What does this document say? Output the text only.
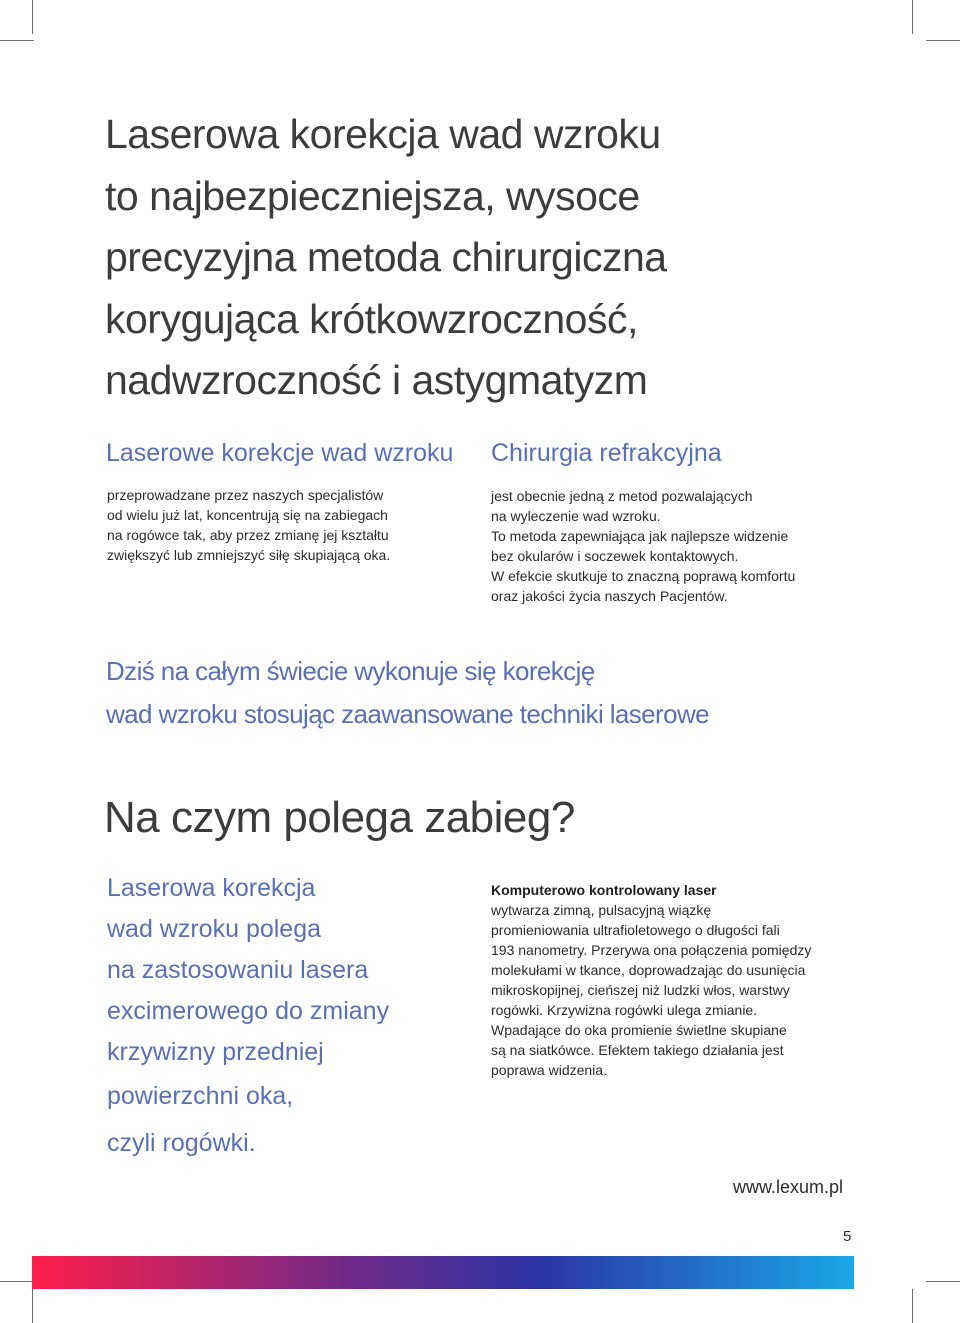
Laserowa korekcja wad wzroku
to najbezpieczniejsza, wysoce
precyzyjna metoda chirurgiczna
korygująca krótkowzroczność,
nadwzroczność i astygmatyzm
Laserowe korekcje wad wzroku

przeprowadzane przez naszych specjalistów
od wielu już lat, koncentrują się na zabiegach
na rogówce tak, aby przez zmianę jej kształtu
zwiększyć lub zmniejszyć siłę skupiającą oka.

Chirurgia refrakcyjna

jest obecnie jedną z metod pozwalających
na wyleczenie wad wzroku.
To metoda zapewniająca jak najlepsze widzenie
bez okularów i soczewek kontaktowych.
W efekcie skutkuje to znaczną poprawą komfortu
oraz jakości życia naszych Pacjentów.

Dziś na całym świecie wykonuje się korekcję
wad wzroku stosując zaawansowane techniki laserowe

Na czym polega zabieg?

Laserowa korekcja
wad wzroku polega
na zastosowaniu lasera
excimerowego do zmiany
krzywizny przedniej
powierzchni oka,
czyli rogówki.

Komputerowo kontrolowany laser

wytwarza zimną, pulsacyjną wiązkę
promieniowania ultrafioletowego o długości fali
193 nanometry. Przerywa ona połączenia pomiędzy
molekułami w tkance, doprowadzając do usunięcia
mikroskopijnej, cieńszej niż ludzki włos, warstwy
rogówki. Krzywizna rogówki ulega zmianie.
Wpadające do oka promienie świetlne skupiane
są na siatkówce. Efektem takiego działania jest
poprawa widzenia.

www.lexum.pl

5
